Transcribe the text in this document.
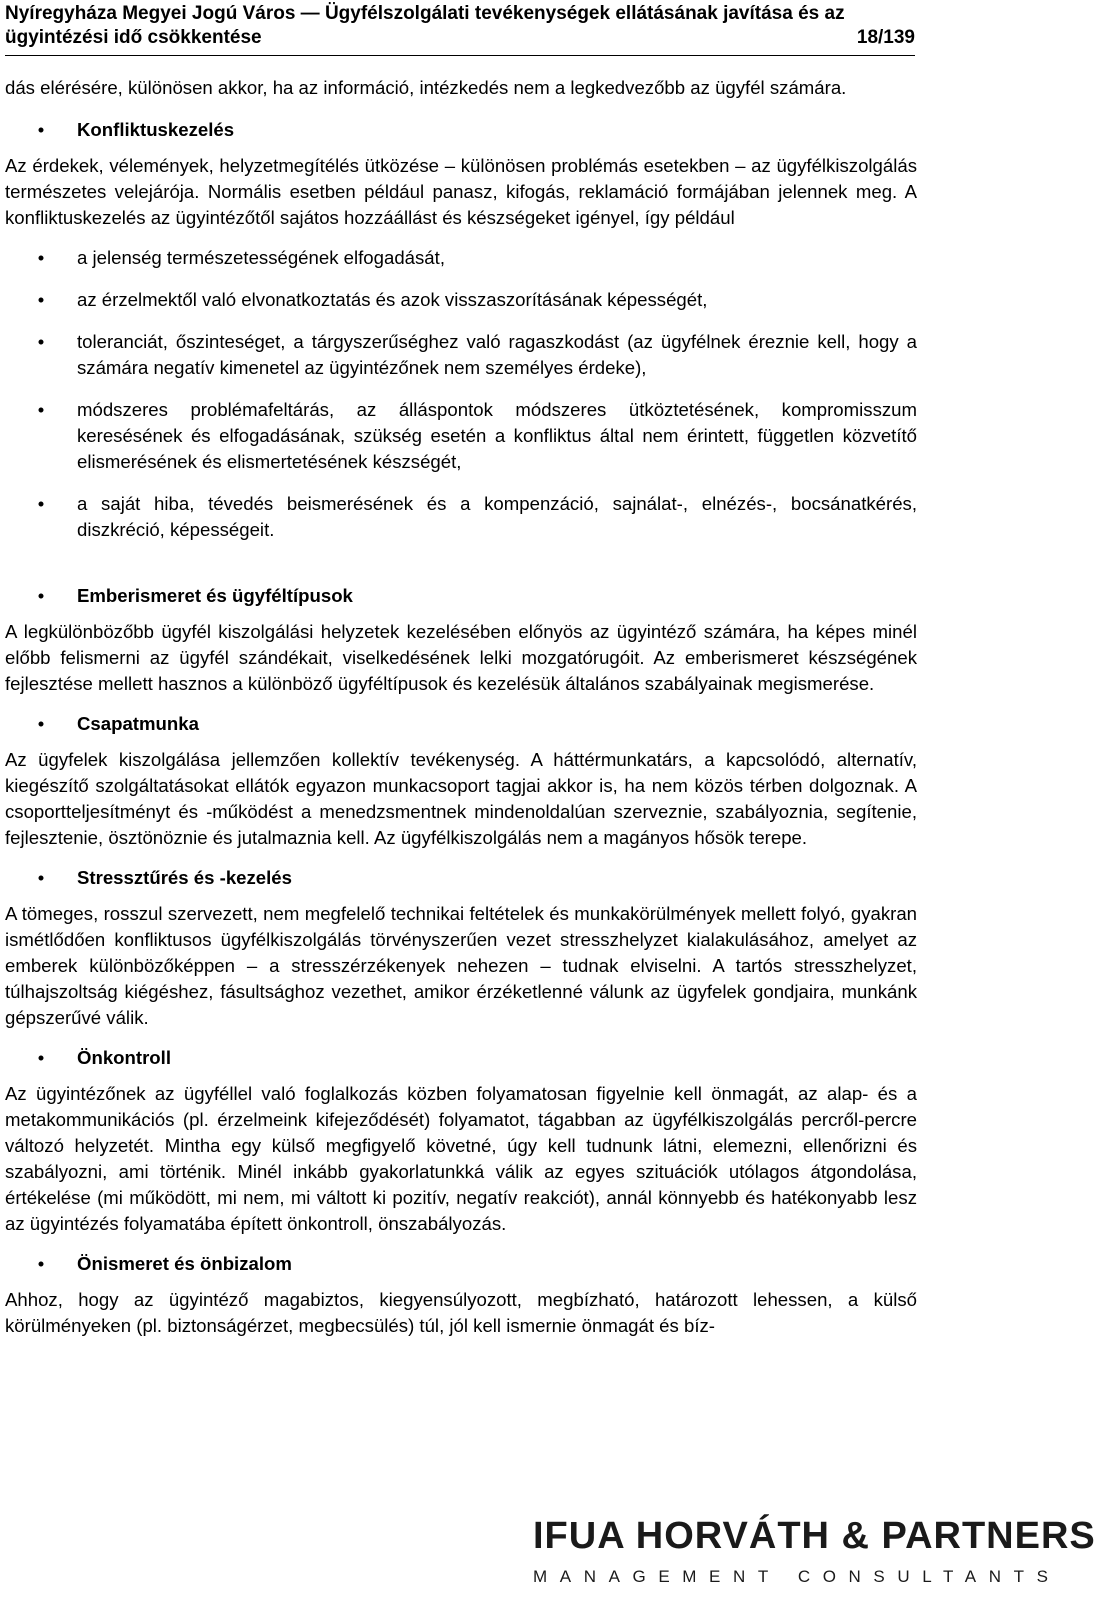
Nyíregyháza Megyei Jogú Város — Ügyfélszolgálati tevékenységek ellátásának javítása és az
ügyintézési idő csökkentése	18/139

dás elérésére, különösen akkor, ha az információ, intézkedés nem a legkedvezőbb az ügyfél számára.

•	Konfliktuskezelés

Az érdekek, vélemények, helyzetmegítélés ütközése – különösen problémás esetekben – az ügyfélkiszolgálás természetes velejárója. Normális esetben például panasz, kifogás, reklamáció formájában jelennek meg. A konfliktuskezelés az ügyintézőtől sajátos hozzáállást és készségeket igényel, így például

•	a jelenség természetességének elfogadását,
•	az érzelmektől való elvonatkoztatás és azok visszaszorításának képességét,
•	toleranciát, őszinteséget, a tárgyszerűséghez való ragaszkodást (az ügyfélnek éreznie kell, hogy a számára negatív kimenetel az ügyintézőnek nem személyes érdeke),
•	módszeres problémafeltárás, az álláspontok módszeres ütköztetésének, kompromisszum keresésének és elfogadásának, szükség esetén a konfliktus által nem érintett, független közvetítő elismerésének és elismertetésének készségét,
•	a saját hiba, tévedés beismerésének és a kompenzáció, sajnálat-, elnézés-, bocsánatkérés, diszkréció, képességeit.
•	Emberismeret és ügyféltípusok

A legkülönbözőbb ügyfél kiszolgálási helyzetek kezelésében előnyös az ügyintéző számára, ha képes minél előbb felismerni az ügyfél szándékait, viselkedésének lelki mozgatórugóit. Az emberismeret készségének fejlesztése mellett hasznos a különböző ügyféltípusok és kezelésük általános szabályainak megismerése.

•	Csapatmunka

Az ügyfelek kiszolgálása jellemzően kollektív tevékenység. A háttérmunkatárs, a kapcsolódó, alternatív, kiegészítő szolgáltatásokat ellátók egyazon munkacsoport tagjai akkor is, ha nem közös térben dolgoznak. A csoportteljesítményt és -működést a menedzsmentnek mindenoldalúan szerveznie, szabályoznia, segítenie, fejlesztenie, ösztönöznie és jutalmaznia kell. Az ügyfélkiszolgálás nem a magányos hősök terepe.

•	Stressztűrés és -kezelés

A tömeges, rosszul szervezett, nem megfelelő technikai feltételek és munkakörülmények mellett folyó, gyakran ismétlődően konfliktusos ügyfélkiszolgálás törvényszerűen vezet stresszhelyzet kialakulásához, amelyet az emberek különbözőképpen – a stresszérzékenyek nehezen – tudnak elviselni. A tartós stresszhelyzet, túlhajszoltság kiégéshez, fásultsághoz vezethet, amikor érzéketlenné válunk az ügyfelek gondjaira, munkánk gépszerűvé válik.

•	Önkontroll

Az ügyintézőnek az ügyféllel való foglalkozás közben folyamatosan figyelnie kell önmagát, az alap- és a metakommunikációs (pl. érzelmeink kifejeződését) folyamatot, tágabban az ügyfélkiszolgálás percről-percre változó helyzetét. Mintha egy külső megfigyelő követné, úgy kell tudnunk látni, elemezni, ellenőrizni és szabályozni, ami történik. Minél inkább gyakorlatunkká válik az egyes szituációk utólagos átgondolása, értékelése (mi működött, mi nem, mi váltott ki pozitív, negatív reakciót), annál könnyebb és hatékonyabb lesz az ügyintézés folyamatába épített önkontroll, önszabályozás.

•	Önismeret és önbizalom

Ahhoz, hogy az ügyintéző magabiztos, kiegyensúlyozott, megbízható, határozott lehessen, a külső körülményeken (pl. biztonságérzet, megbecsülés) túl, jól kell ismernie önmagát és bíz-

IFUA HORVÁTH & PARTNERS
MANAGEMENT CONSULTANTS
